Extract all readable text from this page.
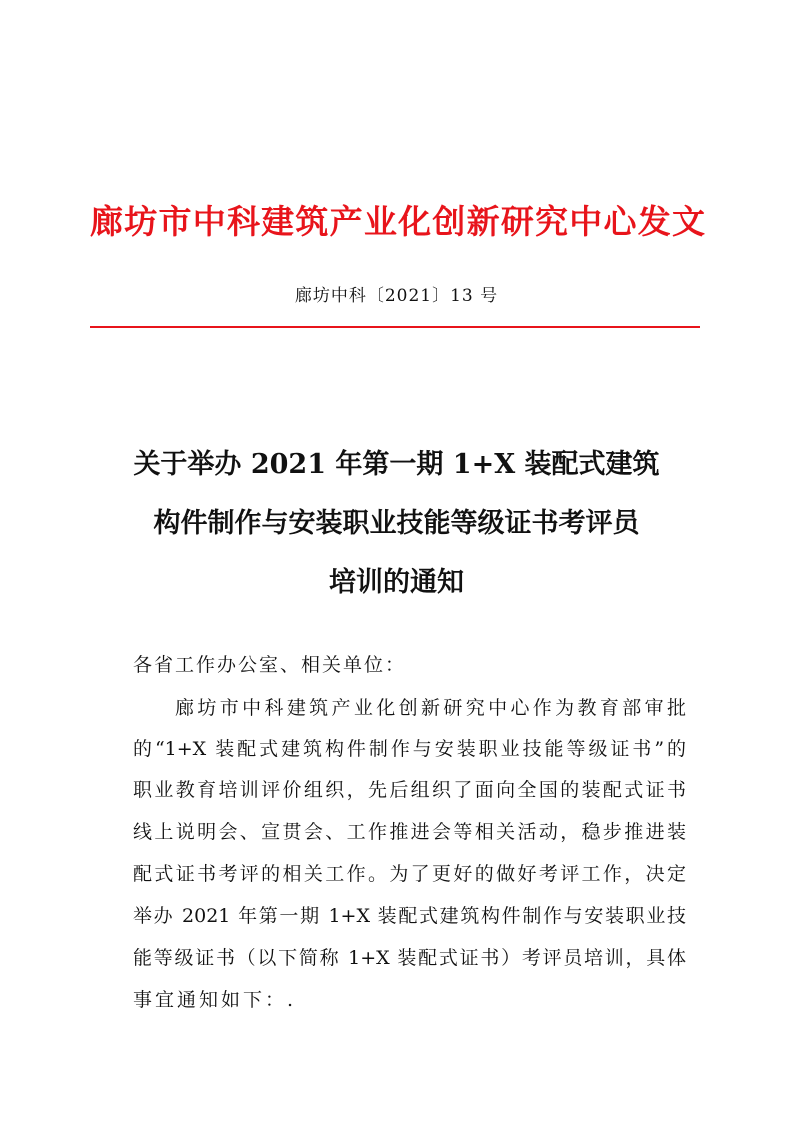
廊坊市中科建筑产业化创新研究中心发文
廊坊中科〔2021〕13 号
关于举办 2021 年第一期 1+X 装配式建筑
构件制作与安装职业技能等级证书考评员
培训的通知
各省工作办公室、相关单位：
廊坊市中科建筑产业化创新研究中心作为教育部审批
的“1+X 装配式建筑构件制作与安装职业技能等级证书”的
职业教育培训评价组织，先后组织了面向全国的装配式证书
线上说明会、宣贯会、工作推进会等相关活动，稳步推进装
配式证书考评的相关工作。为了更好的做好考评工作，决定
举办 2021 年第一期 1+X 装配式建筑构件制作与安装职业技
能等级证书（以下简称 1+X 装配式证书）考评员培训，具体
事宜通知如下：.
